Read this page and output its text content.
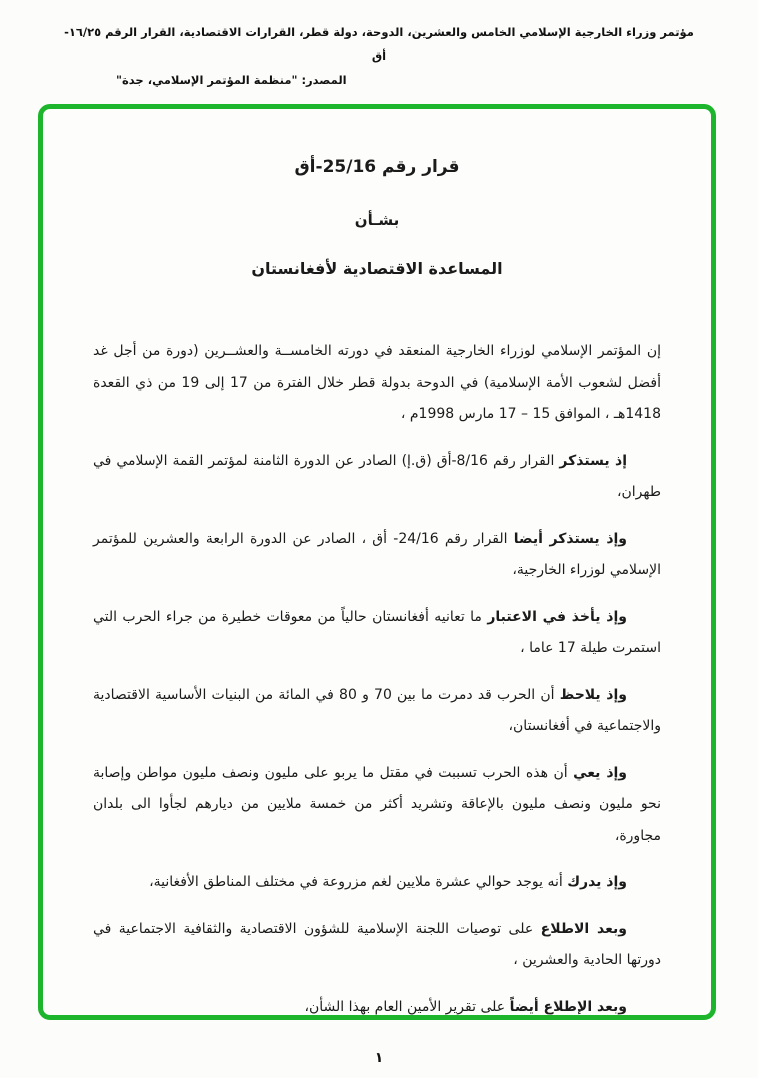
مؤتمر وزراء الخارجية الإسلامي الخامس والعشرين، الدوحة، دولة قطر، القرارات الاقتصادية، القرار الرقم ١٦/٢٥-أق
المصدر: "منظمة المؤتمر الإسلامي، جدة"
قرار رقم 25/16-أق
بشـأن
المساعدة الاقتصادية لأفغانستان

إن المؤتمر الإسلامي لوزراء الخارجية المنعقد في دورته الخامســة والعشــرين (دورة من أجل غد أفضل لشعوب الأمة الإسلامية) في الدوحة بدولة قطر خلال الفترة من 17 إلى 19 من ذي القعدة 1418هـ ، الموافق 15 – 17 مارس 1998م ،

إذ يستذكر القرار رقم 8/16-أق (ق.إ) الصادر عن الدورة الثامنة لمؤتمر القمة الإسلامي في طهران،

وإذ يستذكر أيضا القرار رقم 24/16- أق ، الصادر عن الدورة الرابعة والعشرين للمؤتمر الإسلامي لوزراء الخارجية،

وإذ يأخذ في الاعتبار ما تعانيه أفغانستان حالياً من معوقات خطيرة من جراء الحرب التي استمرت طيلة 17 عاما ،

وإذ يلاحظ أن الحرب قد دمرت ما بين 70 و 80 في المائة من البنيات الأساسية الاقتصادية والاجتماعية في أفغانستان،

وإذ يعي أن هذه الحرب تسببت في مقتل ما يربو على مليون ونصف مليون مواطن وإصابة نحو مليون ونصف مليون بالإعاقة وتشريد أكثر من خمسة ملايين من ديارهم لجأوا الى بلدان مجاورة،

وإذ يدرك أنه يوجد حوالي عشرة ملايين لغم مزروعة في مختلف المناطق الأفغانية،

وبعد الاطلاع على توصيات اللجنة الإسلامية للشؤون الاقتصادية والثقافية الاجتماعية في دورتها الحادية والعشرين ،

وبعد الإطلاع أيضاً على تقرير الأمين العام بهذا الشأن،

١
